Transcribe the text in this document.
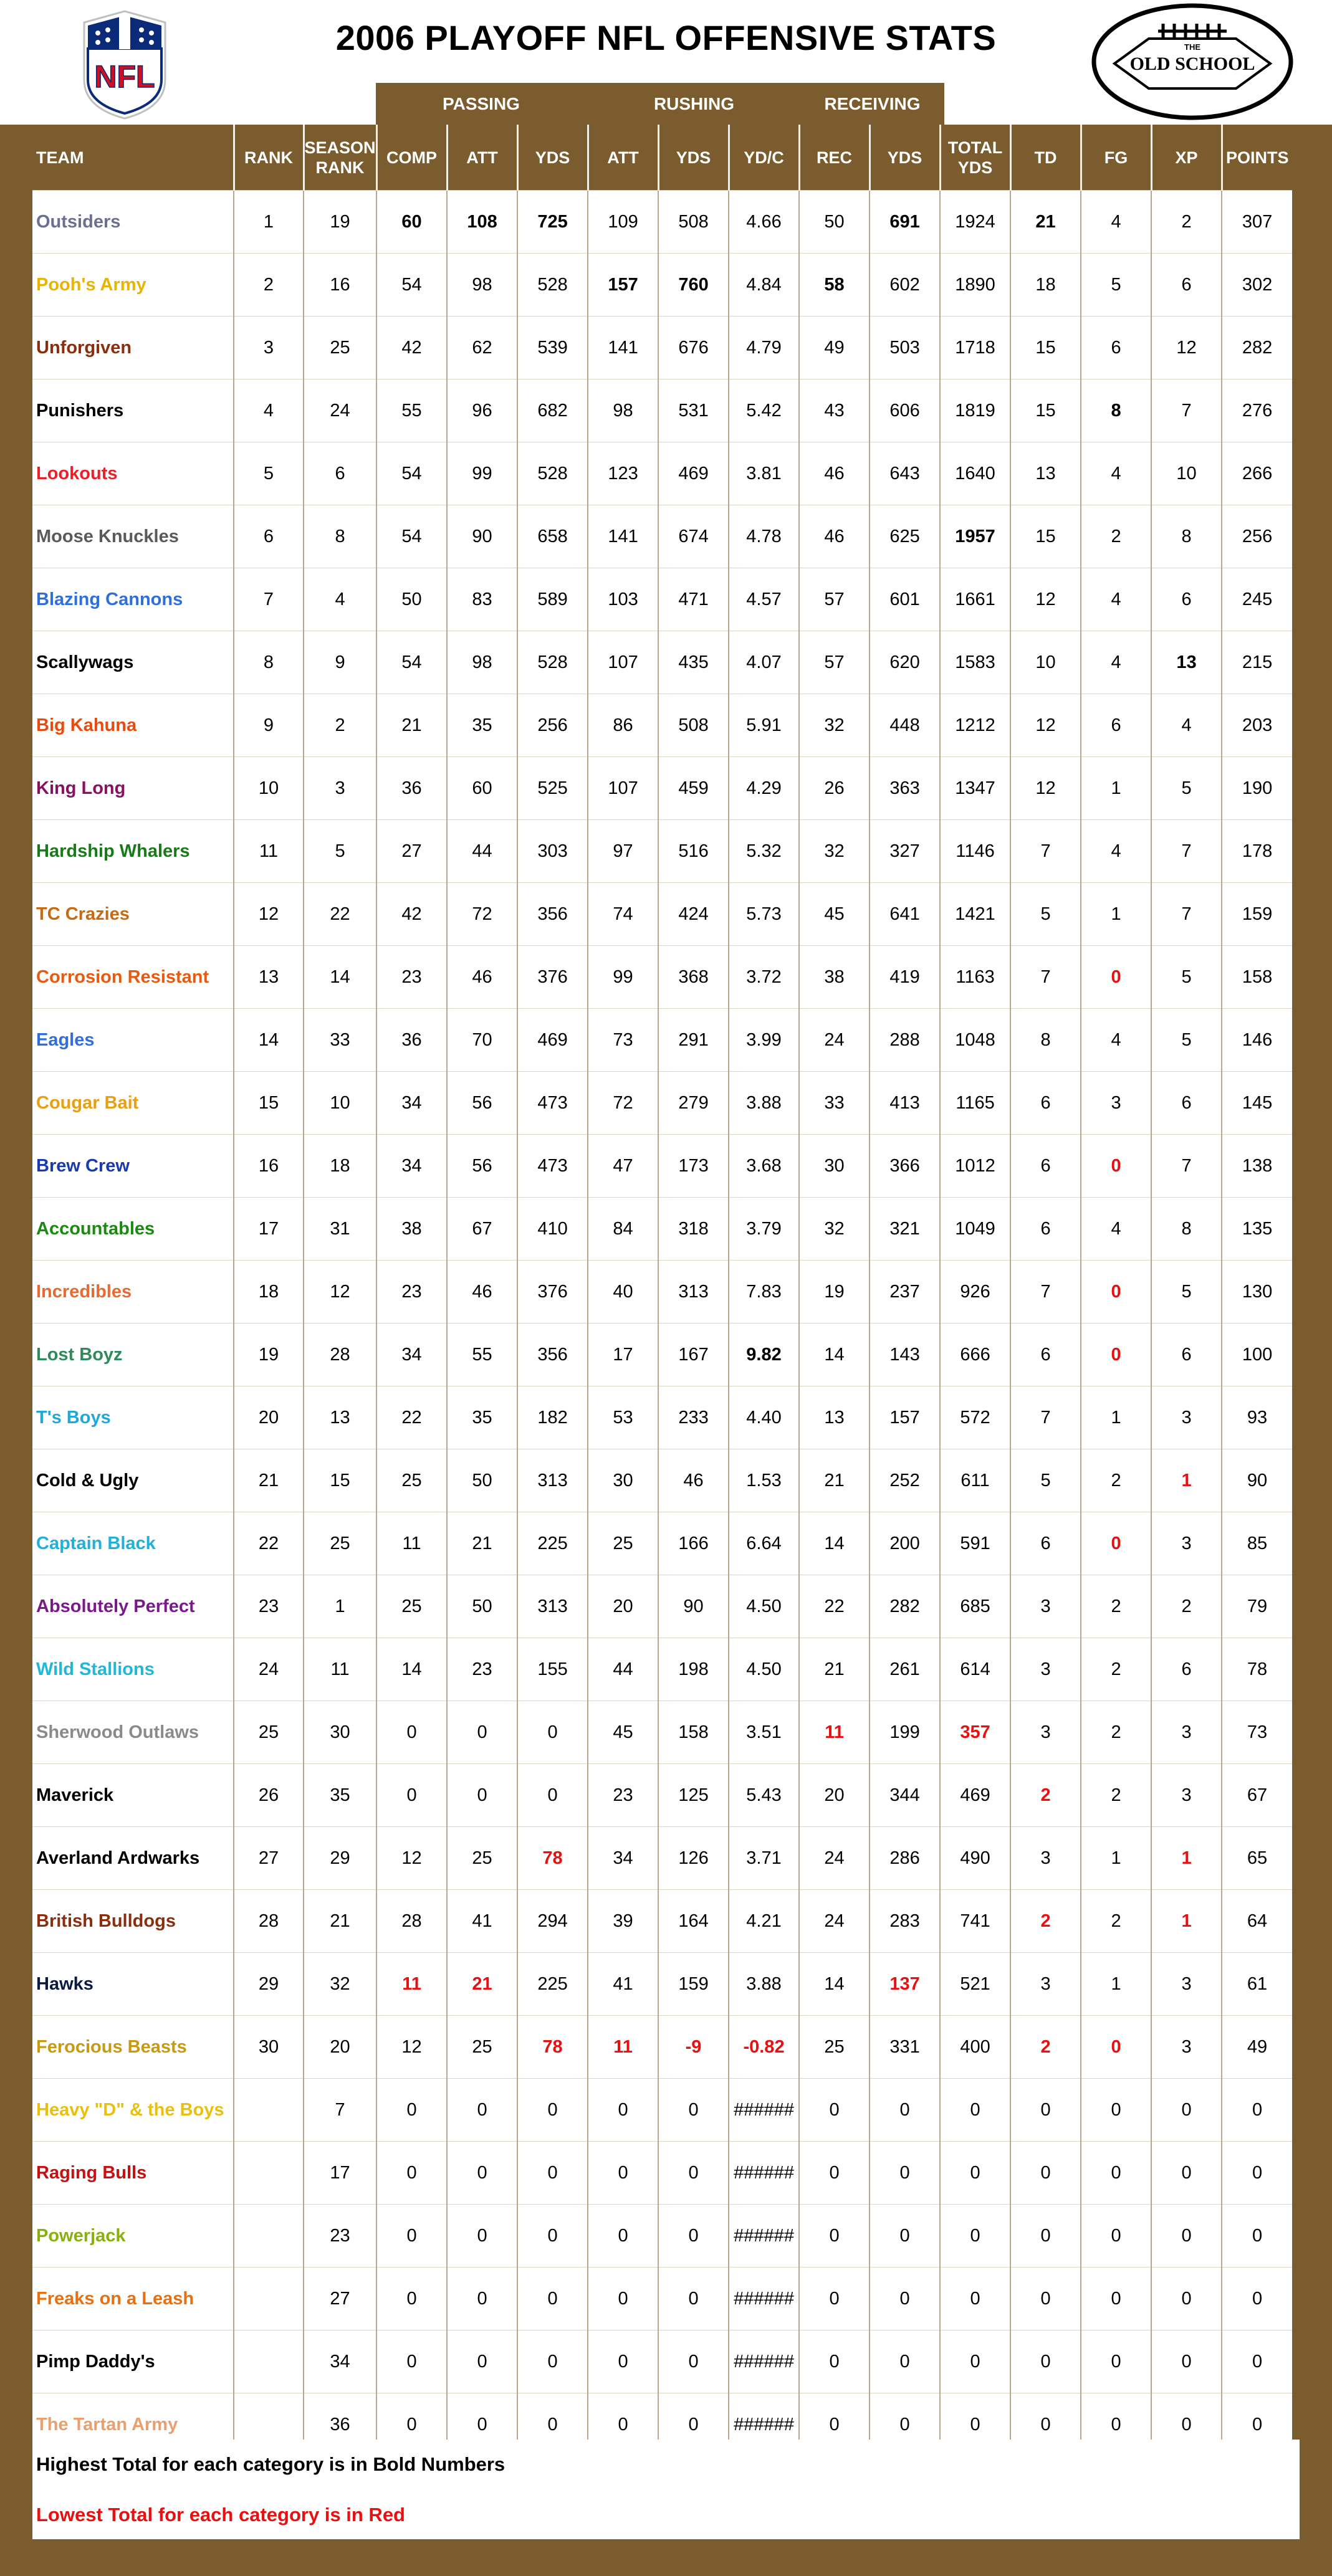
NFL
2006 PLAYOFF NFL OFFENSIVE STATS	THE
OLD SCHOOL
PASSING	RUSHING	RECEIVING
TEAM	RANK	SEASON
RANK	COMP	ATT	YDS	ATT	YDS	YD/C	REC	YDS	TOTAL
YDS	TD	FG	XP	POINTS
Outsiders	1	19	60	108	725	109	508	4.66	50	691	1924	21	4	2	307
Pooh's Army	2	16	54	98	528	157	760	4.84	58	602	1890	18	5	6	302
Unforgiven	3	25	42	62	539	141	676	4.79	49	503	1718	15	6	12	282
Punishers	4	24	55	96	682	98	531	5.42	43	606	1819	15	8	7	276
Lookouts	5	6	54	99	528	123	469	3.81	46	643	1640	13	4	10	266
Moose Knuckles	6	8	54	90	658	141	674	4.78	46	625	1957	15	2	8	256
Blazing Cannons	7	4	50	83	589	103	471	4.57	57	601	1661	12	4	6	245
Scallywags	8	9	54	98	528	107	435	4.07	57	620	1583	10	4	13	215
Big Kahuna	9	2	21	35	256	86	508	5.91	32	448	1212	12	6	4	203
King Long	10	3	36	60	525	107	459	4.29	26	363	1347	12	1	5	190
Hardship Whalers	11	5	27	44	303	97	516	5.32	32	327	1146	7	4	7	178
TC Crazies	12	22	42	72	356	74	424	5.73	45	641	1421	5	1	7	159
Corrosion Resistant	13	14	23	46	376	99	368	3.72	38	419	1163	7	0	5	158
Eagles	14	33	36	70	469	73	291	3.99	24	288	1048	8	4	5	146
Cougar Bait	15	10	34	56	473	72	279	3.88	33	413	1165	6	3	6	145
Brew Crew	16	18	34	56	473	47	173	3.68	30	366	1012	6	0	7	138
Accountables	17	31	38	67	410	84	318	3.79	32	321	1049	6	4	8	135
Incredibles	18	12	23	46	376	40	313	7.83	19	237	926	7	0	5	130
Lost Boyz	19	28	34	55	356	17	167	9.82	14	143	666	6	0	6	100
T's Boys	20	13	22	35	182	53	233	4.40	13	157	572	7	1	3	93
Cold & Ugly	21	15	25	50	313	30	46	1.53	21	252	611	5	2	1	90
Captain Black	22	25	11	21	225	25	166	6.64	14	200	591	6	0	3	85
Absolutely Perfect	23	1	25	50	313	20	90	4.50	22	282	685	3	2	2	79
Wild Stallions	24	11	14	23	155	44	198	4.50	21	261	614	3	2	6	78
Sherwood Outlaws	25	30	0	0	0	45	158	3.51	11	199	357	3	2	3	73
Maverick	26	35	0	0	0	23	125	5.43	20	344	469	2	2	3	67
Averland Ardwarks	27	29	12	25	78	34	126	3.71	24	286	490	3	1	1	65
British Bulldogs	28	21	28	41	294	39	164	4.21	24	283	741	2	2	1	64
Hawks	29	32	11	21	225	41	159	3.88	14	137	521	3	1	3	61
Ferocious Beasts	30	20	12	25	78	11	-9	-0.82	25	331	400	2	0	3	49
Heavy "D" & the Boys		7	0	0	0	0	0	######	0	0	0	0	0	0	0
Raging Bulls		17	0	0	0	0	0	######	0	0	0	0	0	0	0
Powerjack		23	0	0	0	0	0	######	0	0	0	0	0	0	0
Freaks on a Leash		27	0	0	0	0	0	######	0	0	0	0	0	0	0
Pimp Daddy's		34	0	0	0	0	0	######	0	0	0	0	0	0	0
The Tartan Army		36	0	0	0	0	0	######	0	0	0	0	0	0	0
Highest Total for each category is in Bold Numbers
Lowest Total for each category is in Red
